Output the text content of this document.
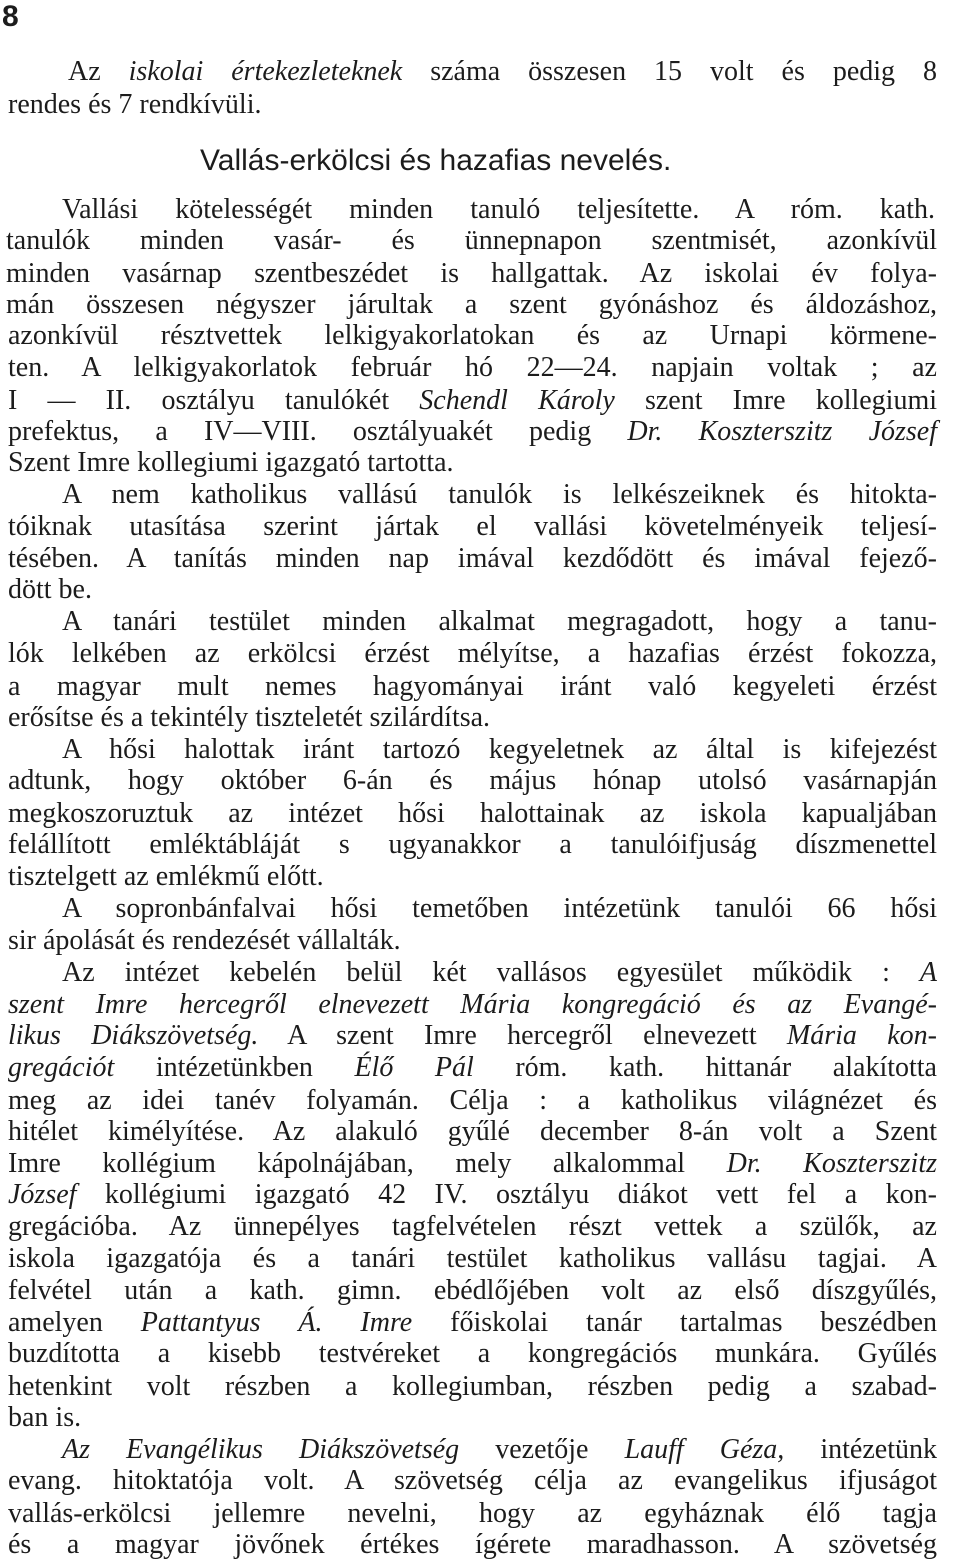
8
Az iskolai értekezleteknek száma összesen 15 volt és pedig 8
rendes és 7 rendkívüli.
Vallás-erkölcsi és hazafias nevelés.
Vallási kötelességét minden tanuló teljesítette. A róm. kath.
tanulók minden vasár- és ünnepnapon szentmisét, azonkívül
minden vasárnap szentbeszédet is hallgattak. Az iskolai év folya-
mán összesen négyszer járultak a szent gyónáshoz és áldozáshoz,
azonkívül résztvettek lelkigyakorlatokan és az Urnapi körmene-
ten. A lelkigyakorlatok február hó 22—24. napjain voltak ; az
I — II. osztályu tanulókét Schendl Károly szent Imre kollegiumi
prefektus, a IV—VIII. osztályuakét pedig Dr. Koszterszitz József
Szent Imre kollegiumi igazgató tartotta.
A nem katholikus vallású tanulók is lelkészeiknek és hitokta-
tóiknak utasítása szerint jártak el vallási követelményeik teljesí-
tésében. A tanítás minden nap imával kezdődött és imával fejező-
dött be.
A tanári testület minden alkalmat megragadott, hogy a tanu-
lók lelkében az erkölcsi érzést mélyítse, a hazafias érzést fokozza,
a magyar mult nemes hagyományai iránt való kegyeleti érzést
erősítse és a tekintély tiszteletét szilárdítsa.
A hősi halottak iránt tartozó kegyeletnek az által is kifejezést
adtunk, hogy október 6-án és május hónap utolsó vasárnapján
megkoszoruztuk az intézet hősi halottainak az iskola kapualjában
felállított emléktábláját s ugyanakkor a tanulóifjuság díszmenettel
tisztelgett az emlékmű előtt.
A sopronbánfalvai hősi temetőben intézetünk tanulói 66 hősi
sir ápolását és rendezését vállalták.
Az intézet kebelén belül két vallásos egyesület működik : A
szent Imre hercegről elnevezett Mária kongregáció és az Evangé-
likus Diákszövetség. A szent Imre hercegről elnevezett Mária kon-
gregációt intézetünkben Élő Pál róm. kath. hittanár alakította
meg az idei tanév folyamán. Célja : a katholikus világnézet és
hitélet kimélyítése. Az alakuló gyűlé december 8-án volt a Szent
Imre kollégium kápolnájában, mely alkalommal Dr. Koszterszitz
József kollégiumi igazgató 42 IV. osztályu diákot vett fel a kon-
gregációba. Az ünnepélyes tagfelvételen részt vettek a szülők, az
iskola igazgatója és a tanári testület katholikus vallásu tagjai. A
felvétel után a kath. gimn. ebédlőjében volt az első díszgyűlés,
amelyen Pattantyus Á. Imre főiskolai tanár tartalmas beszédben
buzdította a kisebb testvéreket a kongregációs munkára. Gyűlés
hetenkint volt részben a kollegiumban, részben pedig a szabad-
ban is.
Az Evangélikus Diákszövetség vezetője Lauff Géza, intézetünk
evang. hitoktatója volt. A szövetség célja az evangelikus ifjuságot
vallás-erkölcsi jellemre nevelni, hogy az egyháznak élő tagja
és a magyar jövőnek értékes ígérete maradhasson. A szövetség
